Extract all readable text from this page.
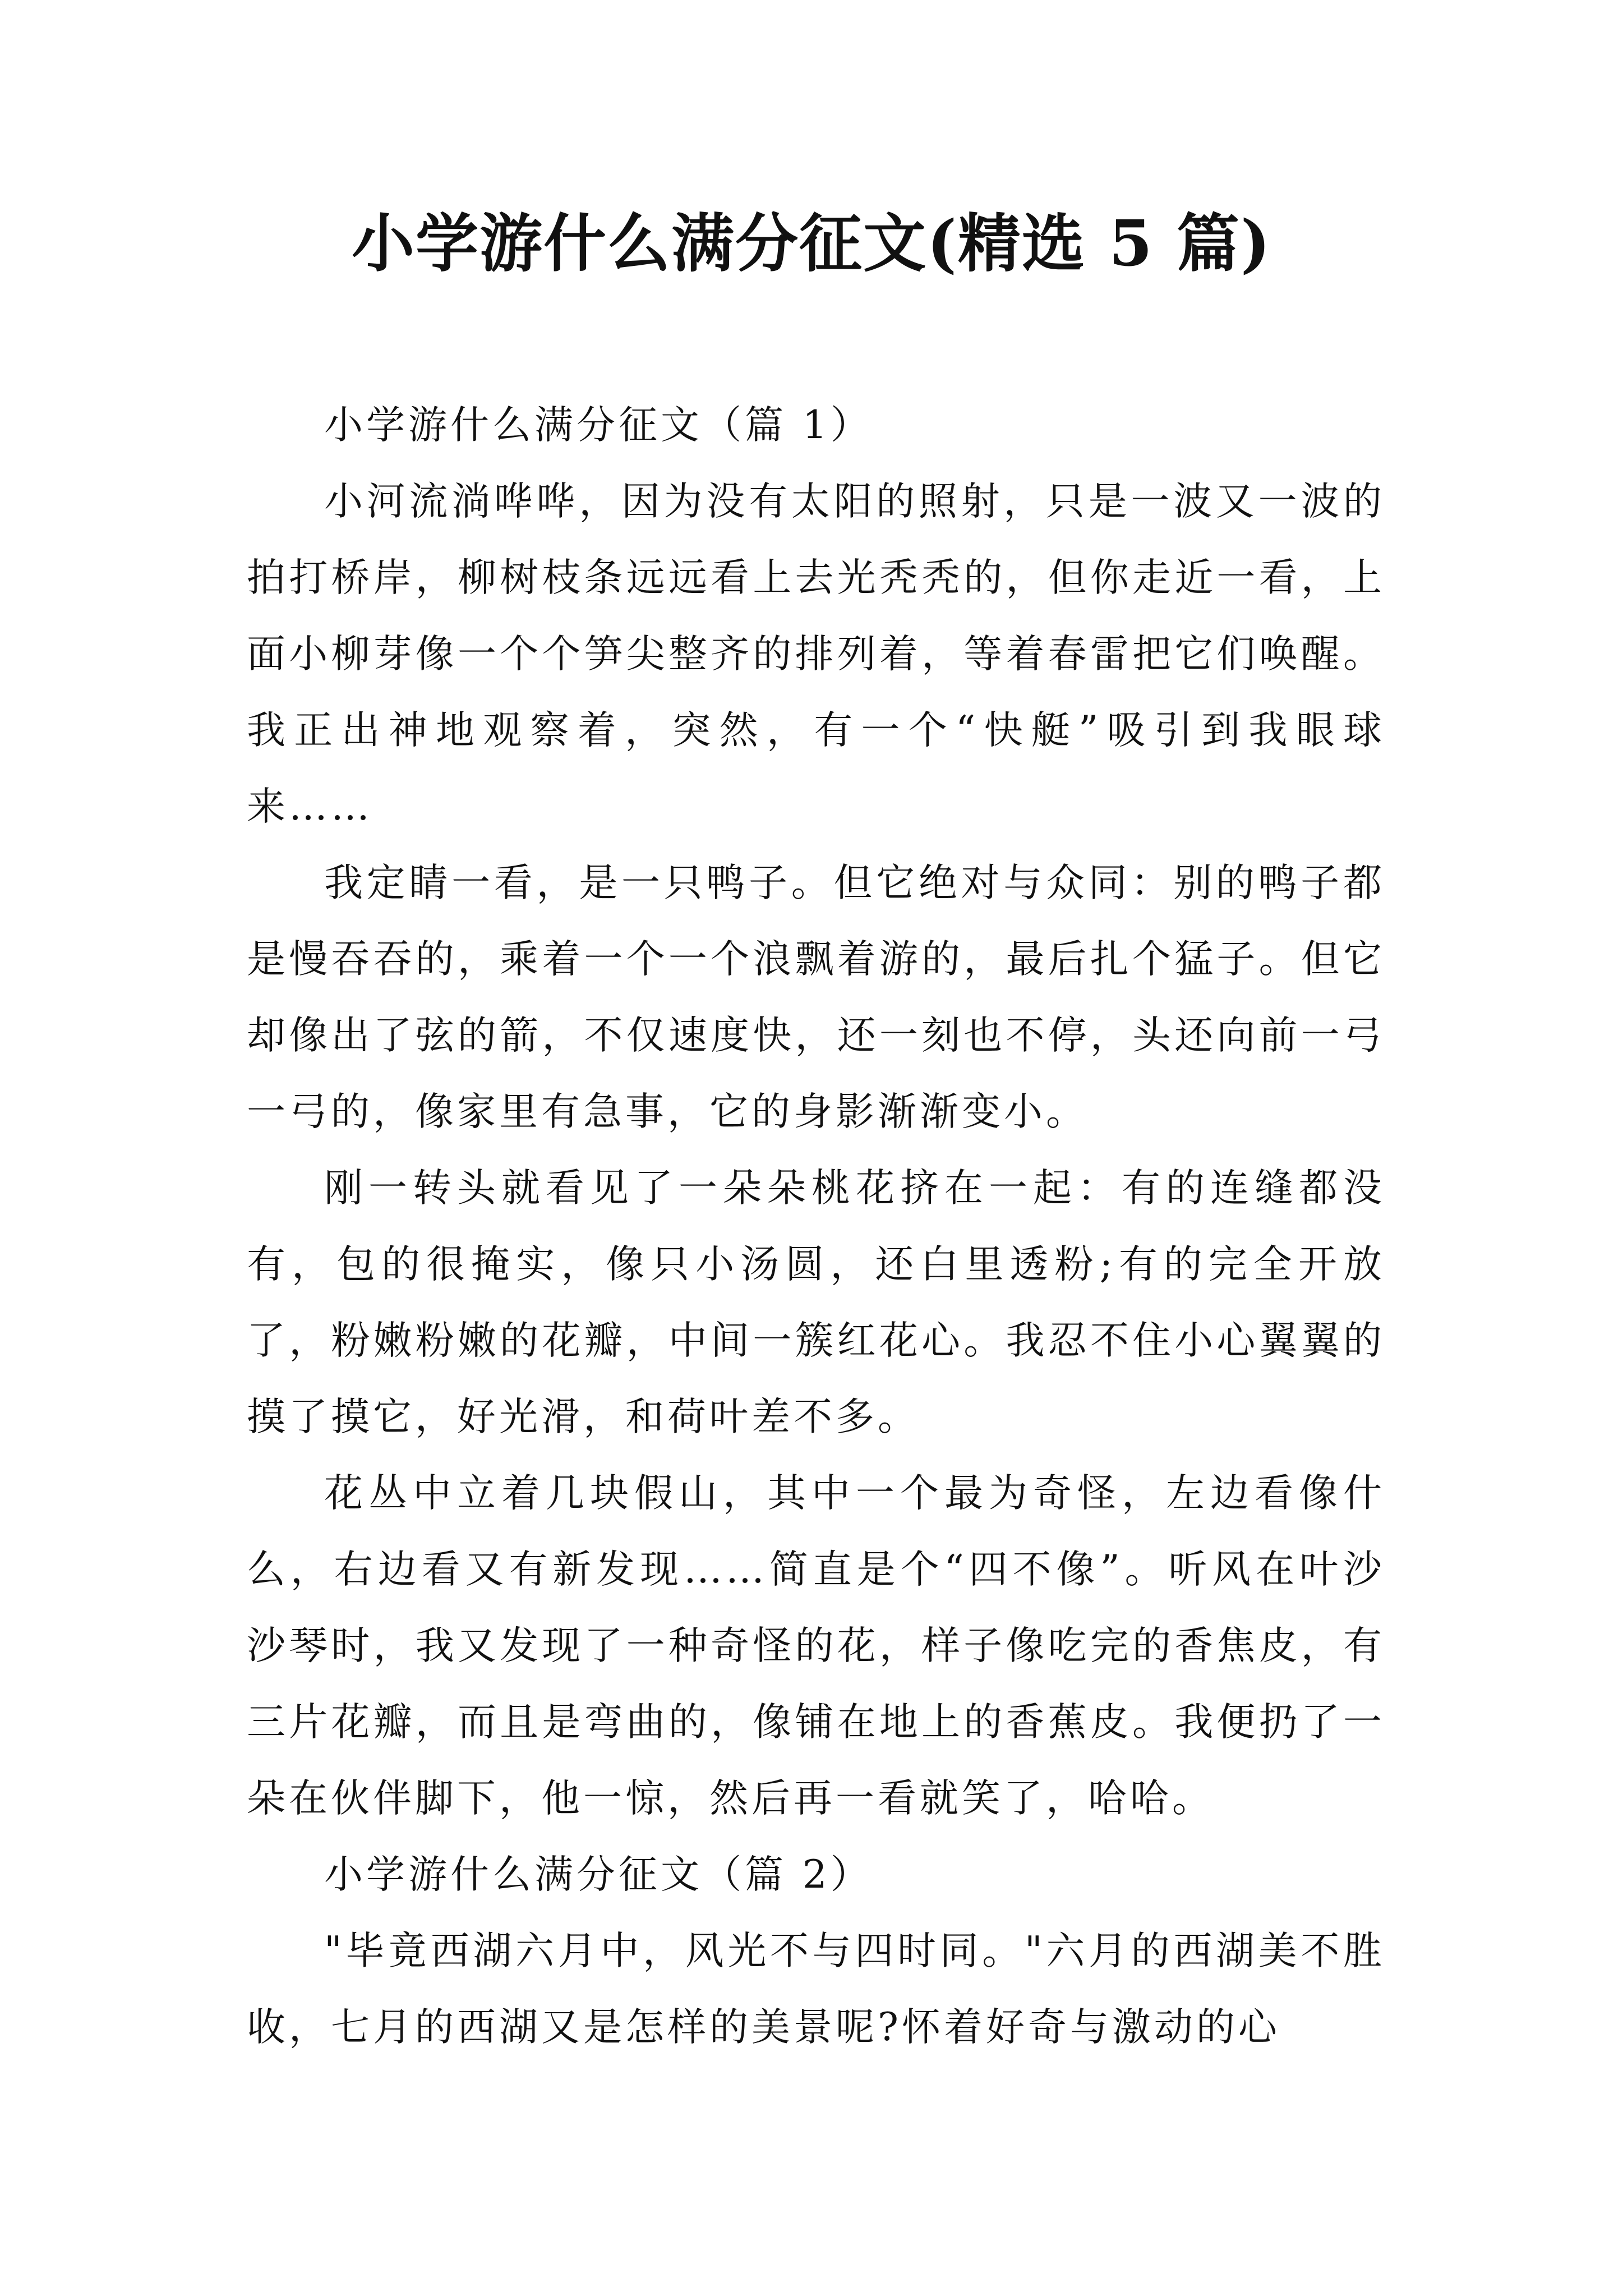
小学游什么满分征文(精选 5 篇)

小学游什么满分征文（篇 1）

小河流淌哗哗，因为没有太阳的照射，只是一波又一波的拍打桥岸，柳树枝条远远看上去光秃秃的，但你走近一看，上面小柳芽像一个个笋尖整齐的排列着，等着春雷把它们唤醒。我正出神地观察着，突然，有一个“快艇”吸引到我眼球来……

我定睛一看，是一只鸭子。但它绝对与众同：别的鸭子都是慢吞吞的，乘着一个一个浪飘着游的，最后扎个猛子。但它却像出了弦的箭，不仅速度快，还一刻也不停，头还向前一弓一弓的，像家里有急事，它的身影渐渐变小。

刚一转头就看见了一朵朵桃花挤在一起：有的连缝都没有，包的很掩实，像只小汤圆，还白里透粉;有的完全开放了，粉嫩粉嫩的花瓣，中间一簇红花心。我忍不住小心翼翼的摸了摸它，好光滑，和荷叶差不多。

花丛中立着几块假山，其中一个最为奇怪，左边看像什么，右边看又有新发现……简直是个“四不像”。听风在叶沙沙琴时，我又发现了一种奇怪的花，样子像吃完的香焦皮，有三片花瓣，而且是弯曲的，像铺在地上的香蕉皮。我便扔了一朵在伙伴脚下，他一惊，然后再一看就笑了，哈哈。

小学游什么满分征文（篇 2）

"毕竟西湖六月中，风光不与四时同。"六月的西湖美不胜收，七月的西湖又是怎样的美景呢?怀着好奇与激动的心
